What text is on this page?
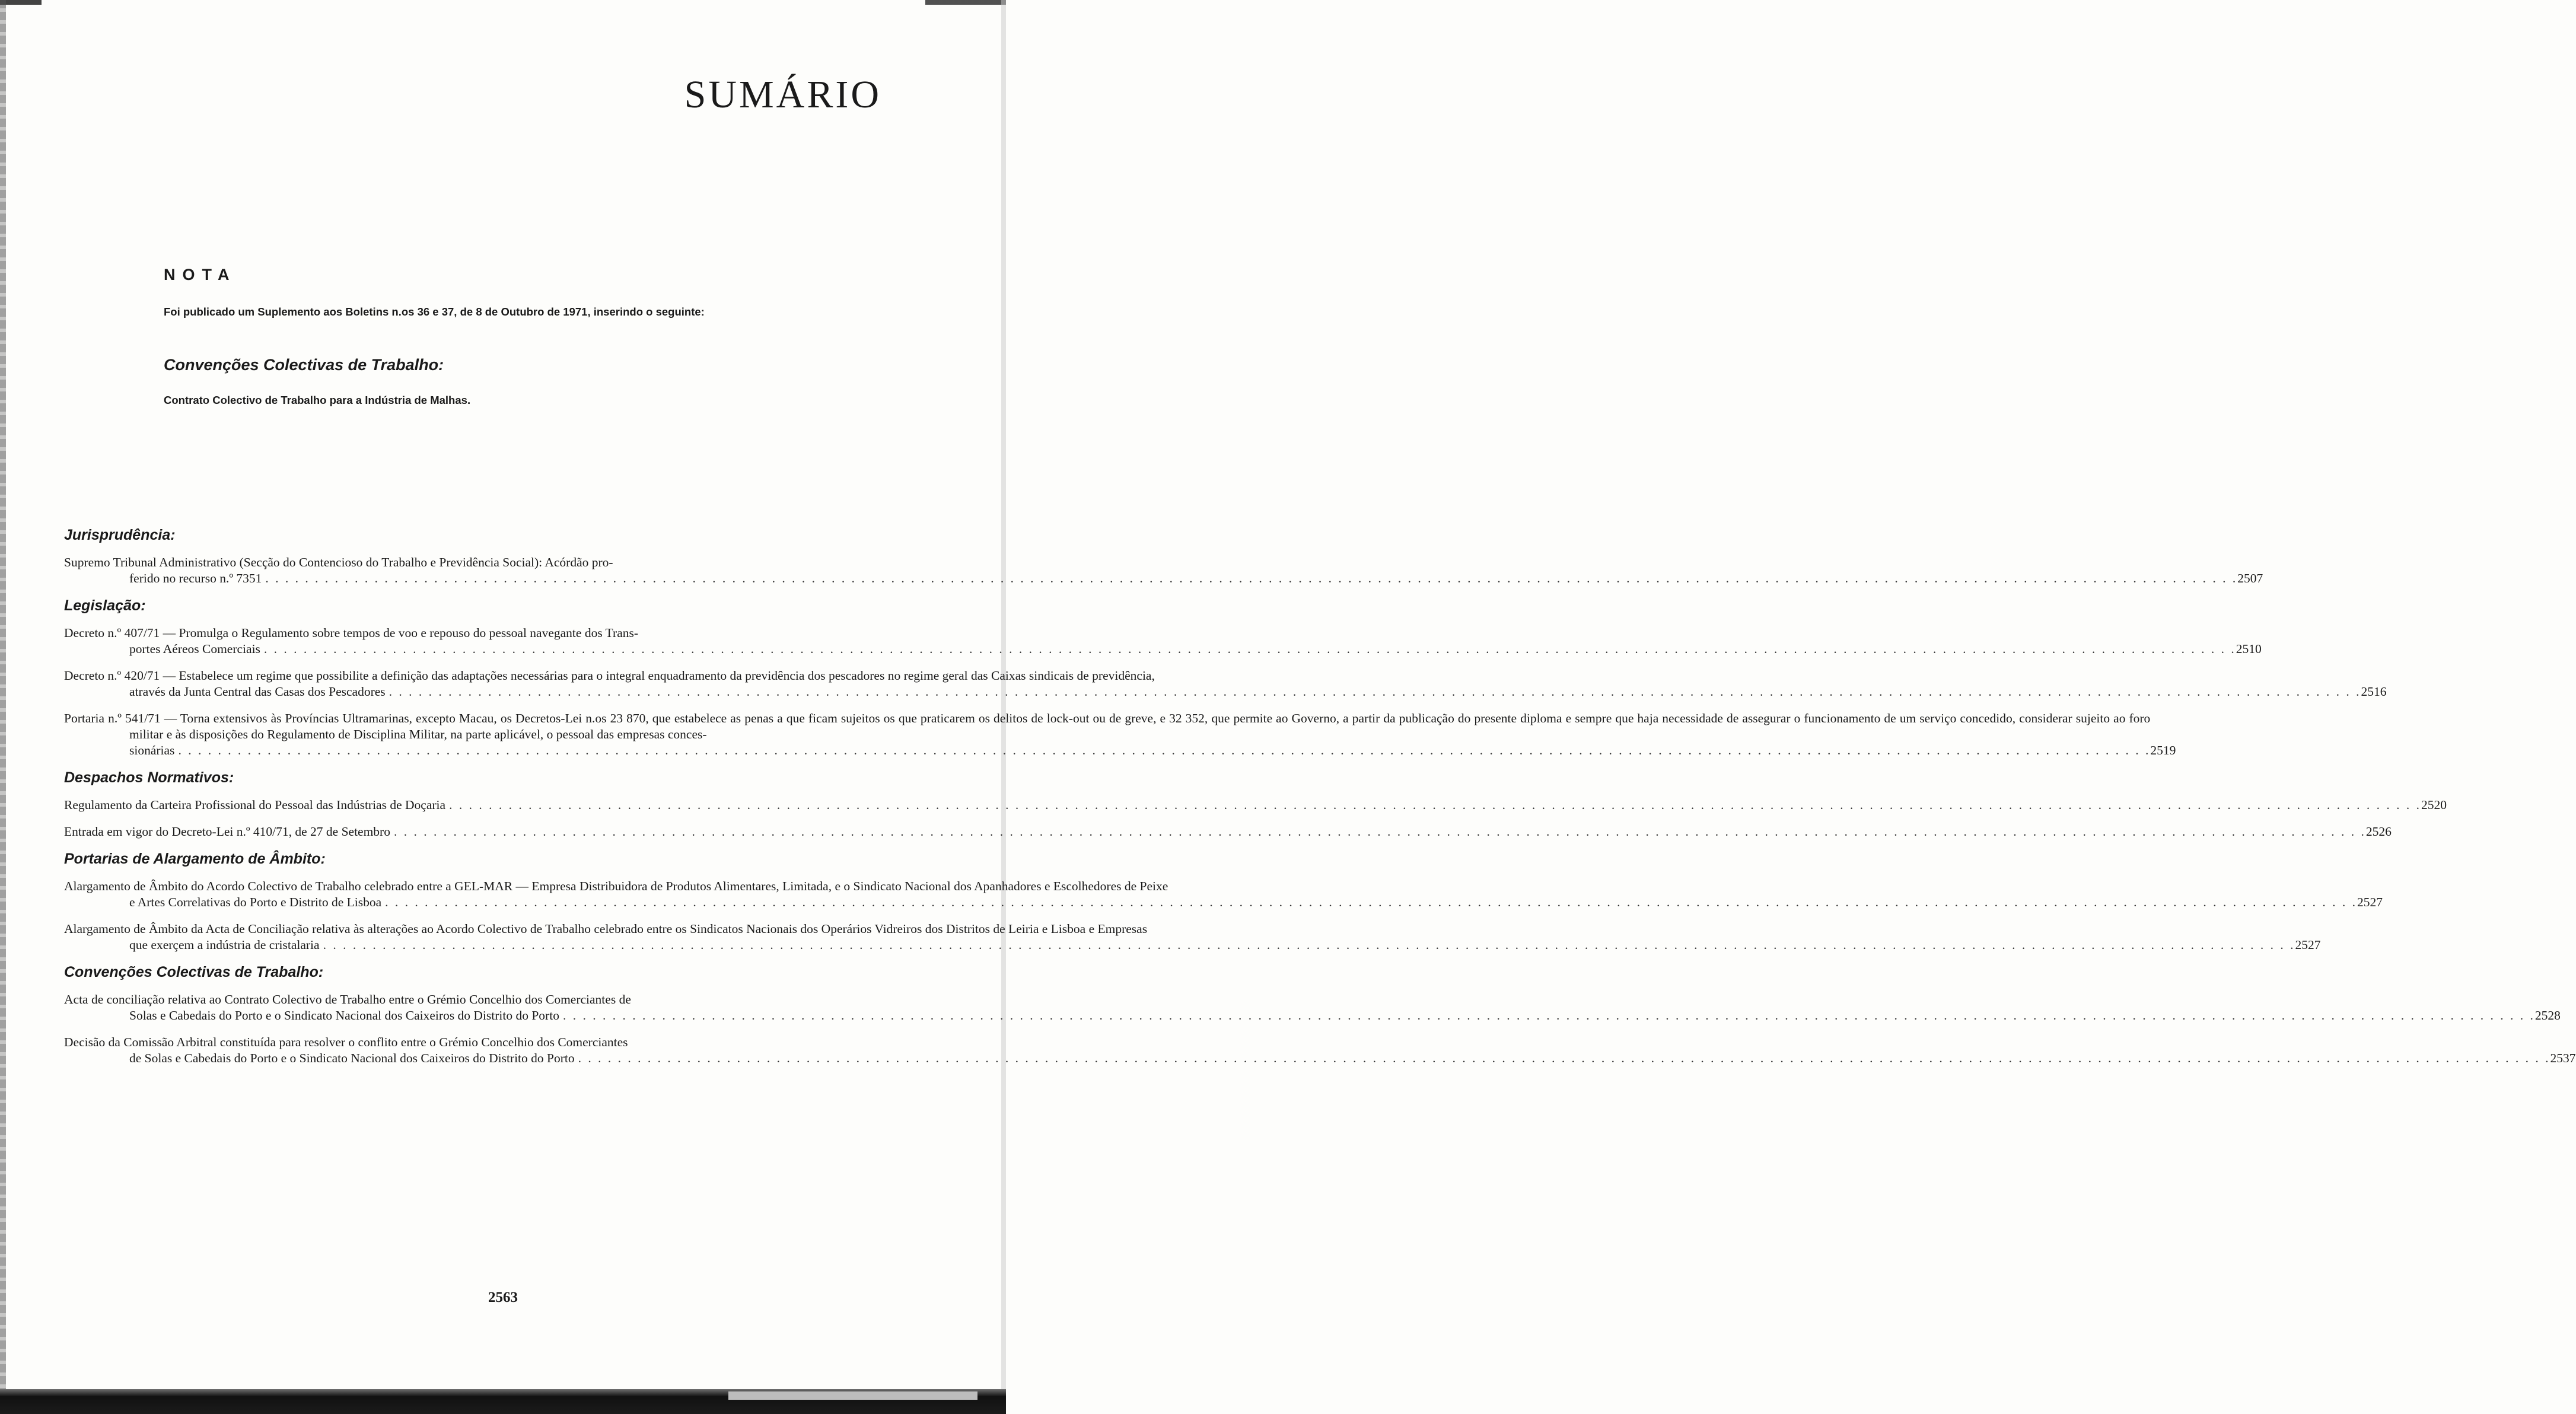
SUMÁRIO
NOTA
Foi publicado um Suplemento aos Boletins n.os 36 e 37, de 8 de Outubro de 1971, inserindo o seguinte:
Convenções Colectivas de Trabalho:
Contrato Colectivo de Trabalho para a Indústria de Malhas.
Jurisprudência:
Supremo Tribunal Administrativo (Secção do Contencioso do Trabalho e Previdência Social): Acórdão pro-
ferido no recurso n.º 7351 . . . . . . . . . . . . . . . . . . . . . . . . . . . . . . . . . . . . . . . . . . . . . . . . . . . . . . . . . . . . . . . . . . . . . . . . . . . . . . . . . . . . . . . . . . . . . . . . . . . . . . . . . . . . . . . . . . . . . . . . . . . . . . . . . . . . . . . . . . . . . . . . . . . . . . . . . . . . . . . . . . . . . . . . . . . . . . . . . . . . . . . . . . . . . . . . . . . . . . . 2507
Legislação:
Decreto n.º 407/71 — Promulga o Regulamento sobre tempos de voo e repouso do pessoal navegante dos Trans-
portes Aéreos Comerciais . . . . . . . . . . . . . . . . . . . . . . . . . . . . . . . . . . . . . . . . . . . . . . . . . . . . . . . . . . . . . . . . . . . . . . . . . . . . . . . . . . . . . . . . . . . . . . . . . . . . . . . . . . . . . . . . . . . . . . . . . . . . . . . . . . . . . . . . . . . . . . . . . . . . . . . . . . . . . . . . . . . . . . . . . . . . . . . . . . . . . . . . . . . . . . . . . . . . . . . 2510
Decreto n.º 420/71 — Estabelece um regime que possibilite a definição das adaptações necessárias para o integral enquadramento da previdência dos pescadores no regime geral das Caixas sindicais de previdência,
através da Junta Central das Casas dos Pescadores . . . . . . . . . . . . . . . . . . . . . . . . . . . . . . . . . . . . . . . . . . . . . . . . . . . . . . . . . . . . . . . . . . . . . . . . . . . . . . . . . . . . . . . . . . . . . . . . . . . . . . . . . . . . . . . . . . . . . . . . . . . . . . . . . . . . . . . . . . . . . . . . . . . . . . . . . . . . . . . . . . . . . . . . . . . . . . . . . . . . . . . . . . . . . . . . . . . . . . . 2516
Portaria n.º 541/71 — Torna extensivos às Províncias Ultramarinas, excepto Macau, os Decretos-Lei n.os 23 870, que estabelece as penas a que ficam sujeitos os que praticarem os delitos de lock-out ou de greve, e 32 352, que permite ao Governo, a partir da publicação do presente diploma e sempre que haja necessidade de assegurar o funcionamento de um serviço concedido, considerar sujeito ao foro militar e às disposições do Regulamento de Disciplina Militar, na parte aplicável, o pessoal das empresas conces-
sionárias . . . . . . . . . . . . . . . . . . . . . . . . . . . . . . . . . . . . . . . . . . . . . . . . . . . . . . . . . . . . . . . . . . . . . . . . . . . . . . . . . . . . . . . . . . . . . . . . . . . . . . . . . . . . . . . . . . . . . . . . . . . . . . . . . . . . . . . . . . . . . . . . . . . . . . . . . . . . . . . . . . . . . . . . . . . . . . . . . . . . . . . . . . . . . . . . . . . . . . . 2519
Despachos Normativos:
Regulamento da Carteira Profissional do Pessoal das Indústrias de Doçaria . . . . . . . . . . . . . . . . . . . . . . . . . . . . . . . . . . . . . . . . . . . . . . . . . . . . . . . . . . . . . . . . . . . . . . . . . . . . . . . . . . . . . . . . . . . . . . . . . . . . . . . . . . . . . . . . . . . . . . . . . . . . . . . . . . . . . . . . . . . . . . . . . . . . . . . . . . . . . . . . . . . . . . . . . . . . . . . . . . . . . . . . . . . . . . . . . . . . . . . 2520
Entrada em vigor do Decreto-Lei n.º 410/71, de 27 de Setembro . . . . . . . . . . . . . . . . . . . . . . . . . . . . . . . . . . . . . . . . . . . . . . . . . . . . . . . . . . . . . . . . . . . . . . . . . . . . . . . . . . . . . . . . . . . . . . . . . . . . . . . . . . . . . . . . . . . . . . . . . . . . . . . . . . . . . . . . . . . . . . . . . . . . . . . . . . . . . . . . . . . . . . . . . . . . . . . . . . . . . . . . . . . . . . . . . . . . . . . 2526
Portarias de Alargamento de Âmbito:
Alargamento de Âmbito do Acordo Colectivo de Trabalho celebrado entre a GEL-MAR — Empresa Distribuidora de Produtos Alimentares, Limitada, e o Sindicato Nacional dos Apanhadores e Escolhedores de Peixe
e Artes Correlativas do Porto e Distrito de Lisboa . . . . . . . . . . . . . . . . . . . . . . . . . . . . . . . . . . . . . . . . . . . . . . . . . . . . . . . . . . . . . . . . . . . . . . . . . . . . . . . . . . . . . . . . . . . . . . . . . . . . . . . . . . . . . . . . . . . . . . . . . . . . . . . . . . . . . . . . . . . . . . . . . . . . . . . . . . . . . . . . . . . . . . . . . . . . . . . . . . . . . . . . . . . . . . . . . . . . . . . 2527
Alargamento de Âmbito da Acta de Conciliação relativa às alterações ao Acordo Colectivo de Trabalho celebrado entre os Sindicatos Nacionais dos Operários Vidreiros dos Distritos de Leiria e Lisboa e Empresas
que exerçem a indústria de cristalaria . . . . . . . . . . . . . . . . . . . . . . . . . . . . . . . . . . . . . . . . . . . . . . . . . . . . . . . . . . . . . . . . . . . . . . . . . . . . . . . . . . . . . . . . . . . . . . . . . . . . . . . . . . . . . . . . . . . . . . . . . . . . . . . . . . . . . . . . . . . . . . . . . . . . . . . . . . . . . . . . . . . . . . . . . . . . . . . . . . . . . . . . . . . . . . . . . . . . . . . 2527
Convenções Colectivas de Trabalho:
Acta de conciliação relativa ao Contrato Colectivo de Trabalho entre o Grémio Concelhio dos Comerciantes de
Solas e Cabedais do Porto e o Sindicato Nacional dos Caixeiros do Distrito do Porto . . . . . . . . . . . . . . . . . . . . . . . . . . . . . . . . . . . . . . . . . . . . . . . . . . . . . . . . . . . . . . . . . . . . . . . . . . . . . . . . . . . . . . . . . . . . . . . . . . . . . . . . . . . . . . . . . . . . . . . . . . . . . . . . . . . . . . . . . . . . . . . . . . . . . . . . . . . . . . . . . . . . . . . . . . . . . . . . . . . . . . . . . . . . . . . . . . . . . . . 2528
Decisão da Comissão Arbitral constituída para resolver o conflito entre o Grémio Concelhio dos Comerciantes
de Solas e Cabedais do Porto e o Sindicato Nacional dos Caixeiros do Distrito do Porto . . . . . . . . . . . . . . . . . . . . . . . . . . . . . . . . . . . . . . . . . . . . . . . . . . . . . . . . . . . . . . . . . . . . . . . . . . . . . . . . . . . . . . . . . . . . . . . . . . . . . . . . . . . . . . . . . . . . . . . . . . . . . . . . . . . . . . . . . . . . . . . . . . . . . . . . . . . . . . . . . . . . . . . . . . . . . . . . . . . . . . . . . . . . . . . . . . . . . . . 2537
2563
